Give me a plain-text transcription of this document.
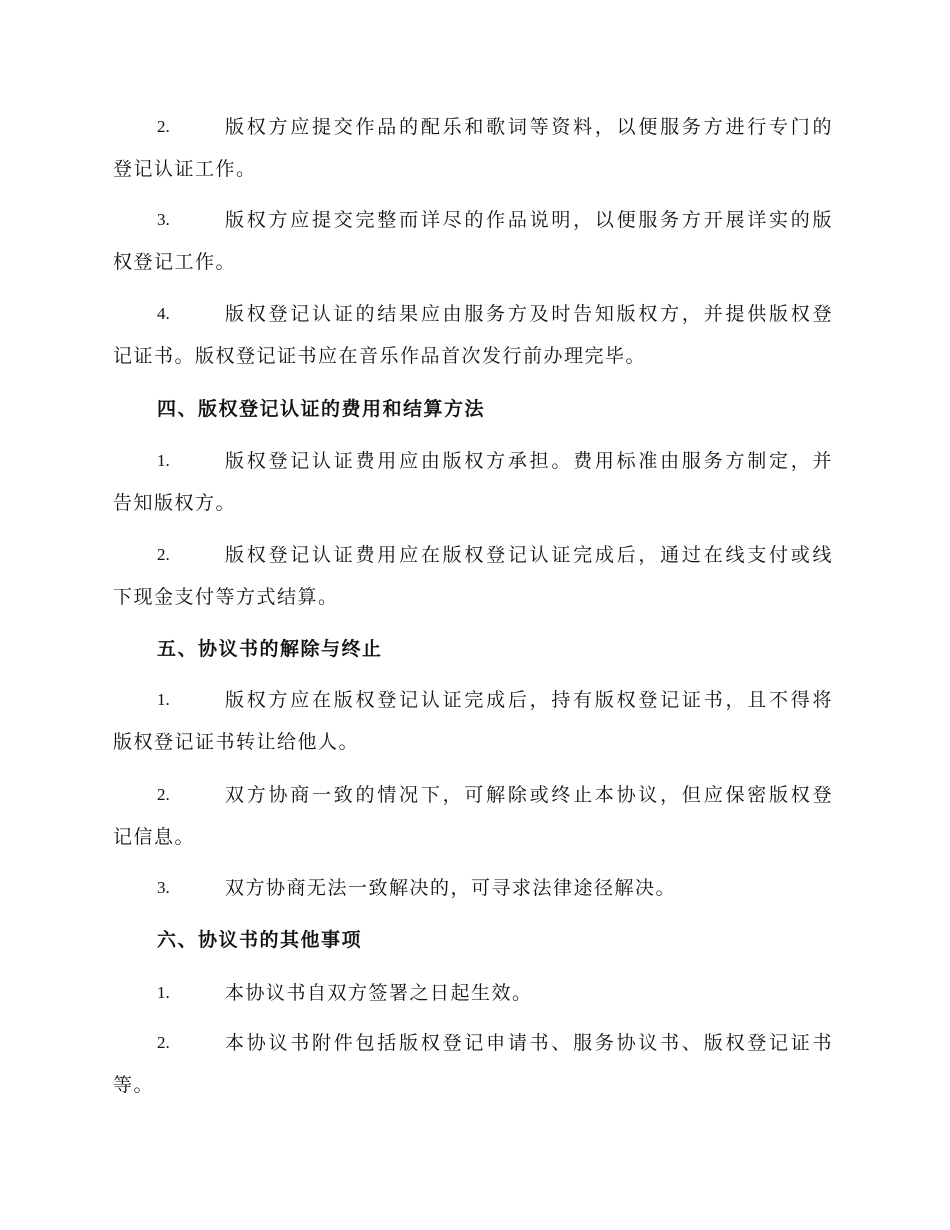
2.	版权方应提交作品的配乐和歌词等资料，以便服务方进行专门的
登记认证工作。
3.	版权方应提交完整而详尽的作品说明，以便服务方开展详实的版
权登记工作。
4.	版权登记认证的结果应由服务方及时告知版权方，并提供版权登
记证书。版权登记证书应在音乐作品首次发行前办理完毕。
四、版权登记认证的费用和结算方法
1.	版权登记认证费用应由版权方承担。费用标准由服务方制定，并
告知版权方。
2.	版权登记认证费用应在版权登记认证完成后，通过在线支付或线
下现金支付等方式结算。
五、协议书的解除与终止
1.	版权方应在版权登记认证完成后，持有版权登记证书，且不得将
版权登记证书转让给他人。
2.	双方协商一致的情况下，可解除或终止本协议，但应保密版权登
记信息。
3.	双方协商无法一致解决的，可寻求法律途径解决。
六、协议书的其他事项
1.	本协议书自双方签署之日起生效。
2.	本协议书附件包括版权登记申请书、服务协议书、版权登记证书
等。
